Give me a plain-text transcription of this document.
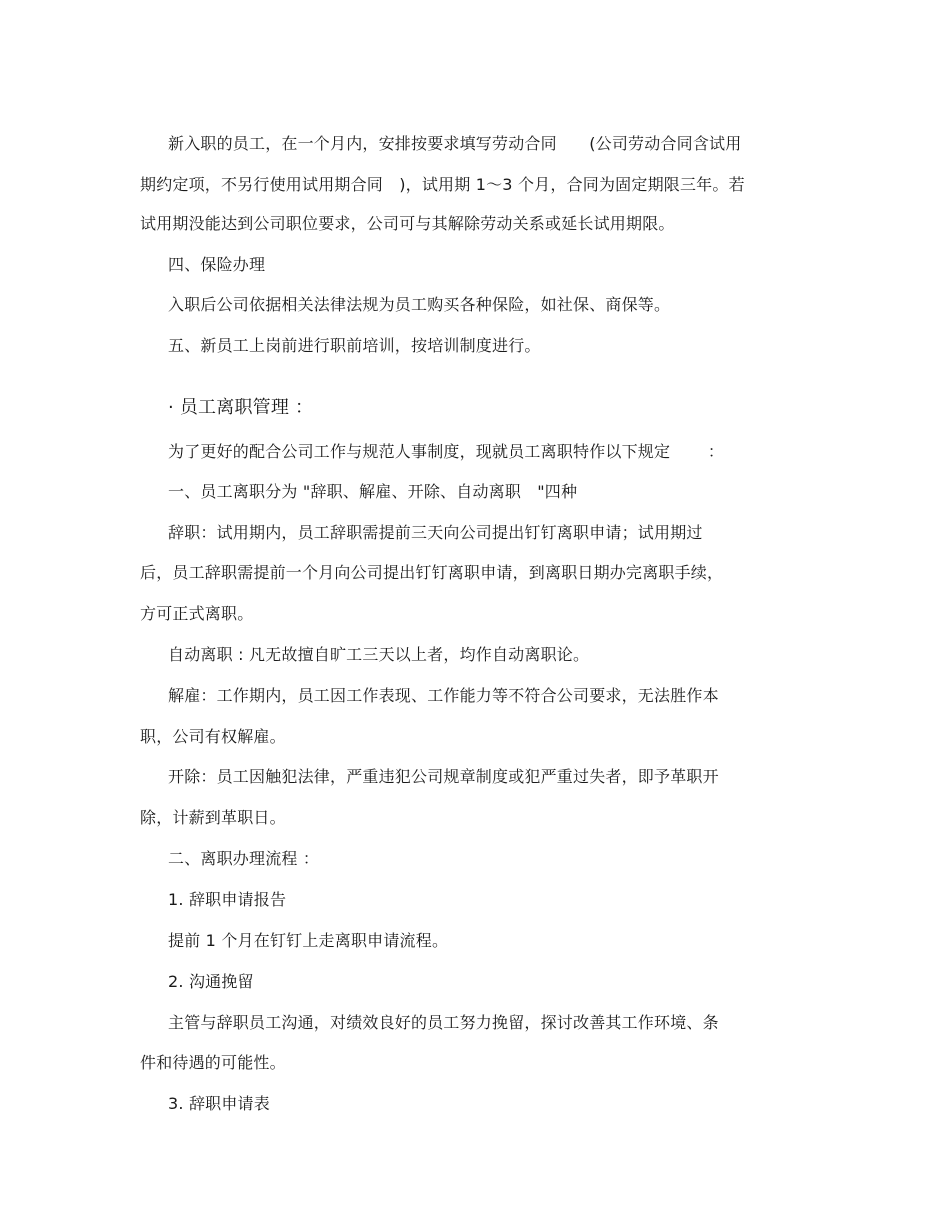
新入职的员工，在一个月内，安排按要求填写劳动合同　　(公司劳动合同含试用
期约定项，不另行使用试用期合同　)，试用期 1～3 个月，合同为固定期限三年。若
试用期没能达到公司职位要求，公司可与其解除劳动关系或延长试用期限。
四、保险办理
入职后公司依据相关法律法规为员工购买各种保险，如社保、商保等。
五、新员工上岗前进行职前培训，按培训制度进行。
· 员工离职管理 ：
为了更好的配合公司工作与规范人事制度，现就员工离职特作以下规定　　 ：
一、员工离职分为 "辞职、解雇、开除、自动离职　"四种
辞职：试用期内，员工辞职需提前三天向公司提出钉钉离职申请；试用期过
后，员工辞职需提前一个月向公司提出钉钉离职申请，到离职日期办完离职手续，
方可正式离职。
自动离职 : 凡无故擅自旷工三天以上者，均作自动离职论。
解雇：工作期内，员工因工作表现、工作能力等不符合公司要求，无法胜作本
职，公司有权解雇。
开除：员工因触犯法律，严重违犯公司规章制度或犯严重过失者，即予革职开
除，计薪到革职日。
二、离职办理流程 ：
1. 辞职申请报告
提前 1 个月在钉钉上走离职申请流程。
2. 沟通挽留
主管与辞职员工沟通，对绩效良好的员工努力挽留，探讨改善其工作环境、条
件和待遇的可能性。
3. 辞职申请表
